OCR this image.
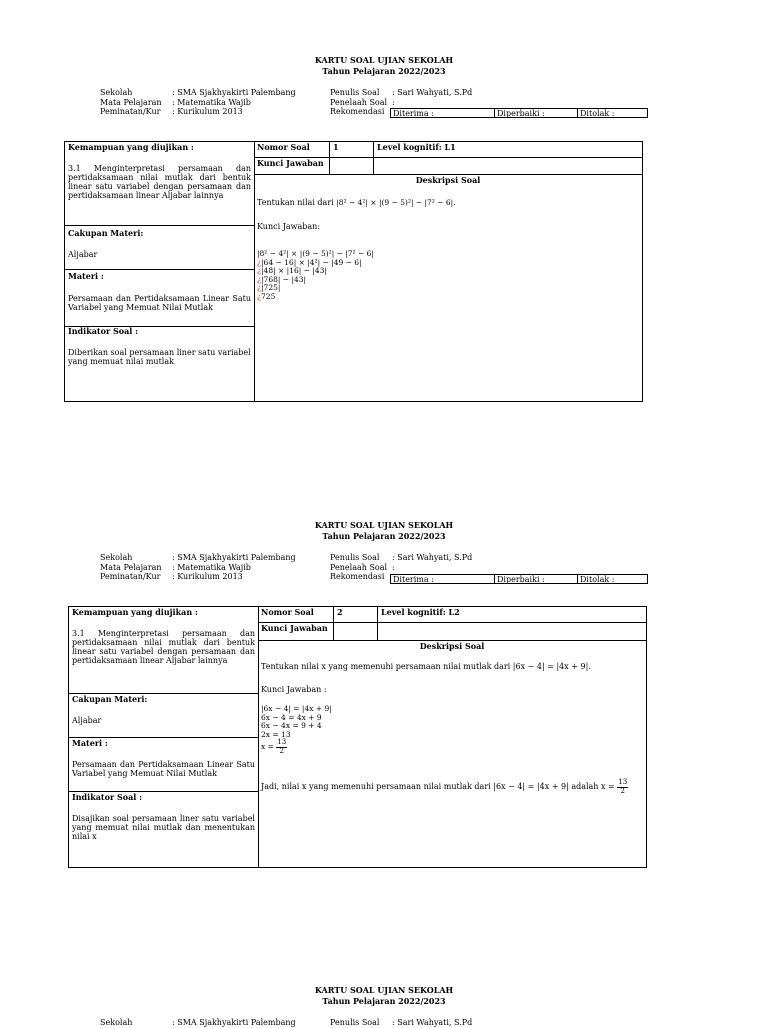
KARTU SOAL UJIAN SEKOLAH
Tahun Pelajaran 2022/2023
Sekolah	: SMA Sjakhyakirti Palembang
Mata Pelajaran : Matematika Wajib
Peminatan/Kur : Kurikulum 2013
Penulis Soal : Sari Wahyati, S.Pd
Penelaah Soal :
Rekomendasi	Diterima :	Diperbaiki :	Ditolak :
Kemampuan yang diujikan :
3.1 Menginterpretasi persamaan dan pertidaksamaan nilai mutlak dari bentuk linear satu variabel dengan persamaan dan pertidaksamaan linear Aljabar lainnya
Cakupan Materi:
Aljabar
Materi :
Persamaan dan Pertidaksamaan Linear Satu Variabel yang Memuat Nilai Mutlak
Indikator Soal :
Diberikan soal persamaan liner satu variabel yang memuat nilai mutlak
Nomor Soal	1	Level kognitif: L1
Kunci Jawaban
Deskripsi Soal
Tentukan nilai dari |8² − 4²| × |(9 − 5)²| − |7² − 6|.
Kunci Jawaban:
|8² − 4²| × |(9 − 5)²| − |7² − 6|
¿|64 − 16| × |4²| − |49 − 6|
¿|48| × |16| − |43|
¿|768| − |43|
¿|725|
¿725
KARTU SOAL UJIAN SEKOLAH
Tahun Pelajaran 2022/2023
Sekolah	: SMA Sjakhyakirti Palembang
Mata Pelajaran : Matematika Wajib
Peminatan/Kur : Kurikulum 2013
Penulis Soal : Sari Wahyati, S.Pd
Penelaah Soal :
Rekomendasi	Diterima :	Diperbaiki :	Ditolak :
Kemampuan yang diujikan :
3.1 Menginterpretasi persamaan dan pertidaksamaan nilai mutlak dari bentuk linear satu variabel dengan persamaan dan pertidaksamaan linear Aljabar lainnya
Cakupan Materi:
Aljabar
Materi :
Persamaan dan Pertidaksamaan Linear Satu Variabel yang Memuat Nilai Mutlak
Indikator Soal :
Disajikan soal persamaan liner satu variabel yang memuat nilai mutlak dan menentukan nilai x
Nomor Soal	2	Level kognitif: L2
Kunci Jawaban
Deskripsi Soal
Tentukan nilai x yang memenuhi persamaan nilai mutlak dari |6x − 4| = |4x + 9|.
Kunci Jawaban :
|6x − 4| = |4x + 9|
6x − 4 = 4x + 9
6x − 4x = 9 + 4
2x = 13
$x = \frac{13}{2}$
Jadi, nilai x yang memenuhi persamaan nilai mutlak dari |6x − 4| = |4x + 9| adalah $x = \frac{13}{2}$
KARTU SOAL UJIAN SEKOLAH
Tahun Pelajaran 2022/2023
Sekolah	: SMA Sjakhyakirti Palembang	Penulis Soal : Sari Wahyati, S.Pd
